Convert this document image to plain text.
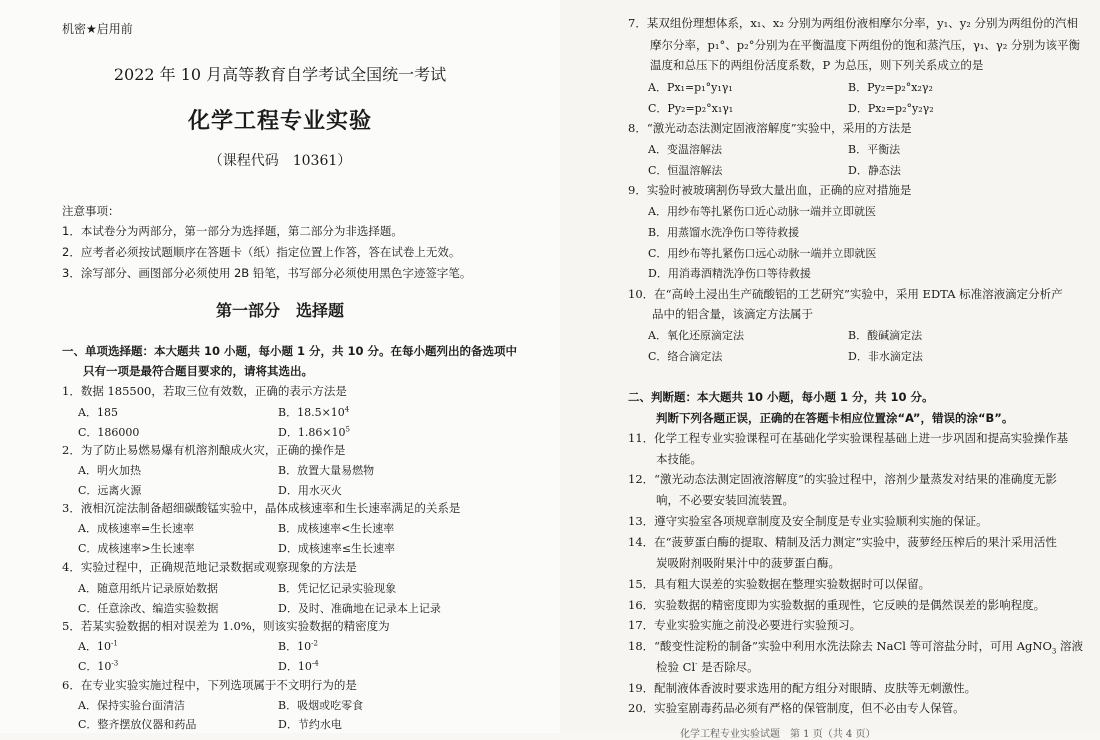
机密★启用前
2022 年 10 月高等教育自学考试全国统一考试
化学工程专业实验
（课程代码　10361）
注意事项：
1．本试卷分为两部分，第一部分为选择题，第二部分为非选择题。
2．应考者必须按试题顺序在答题卡（纸）指定位置上作答，答在试卷上无效。
3．涂写部分、画图部分必须使用 2B 铅笔，书写部分必须使用黑色字迹签字笔。
第一部分　选择题
一、单项选择题：本大题共 10 小题，每小题 1 分，共 10 分。在每小题列出的备选项中
只有一项是最符合题目要求的，请将其选出。
1．数据 185500，若取三位有效数，正确的表示方法是
A．185	B．$18.5\times 10^4$
C．186000	D．$1.86\times 10^5$
2．为了防止易燃易爆有机溶剂酿成火灾，正确的操作是
A．明火加热	B．放置大量易燃物
C．远离火源	D．用水灭火
3．液相沉淀法制备超细碳酸锰实验中，晶体成核速率和生长速率满足的关系是
A．成核速率=生长速率	B．成核速率<生长速率
C．成核速率>生长速率	D．成核速率≤生长速率
4．实验过程中，正确规范地记录数据或观察现象的方法是
A．随意用纸片记录原始数据	B．凭记忆记录实验现象
C．任意涂改、编造实验数据	D．及时、准确地在记录本上记录
5．若某实验数据的相对误差为 1.0%，则该实验数据的精密度为
A．$10^{-1}$	B．$10^{-2}$
C．$10^{-3}$	D．$10^{-4}$
6．在专业实验实施过程中，下列选项属于不文明行为的是
A．保持实验台面清洁	B．吸烟或吃零食
C．整齐摆放仪器和药品	D．节约水电
7．某双组份理想体系，x₁、x₂ 分别为两组份液相摩尔分率，y₁、y₂ 分别为两组份的汽相
摩尔分率，p₁°、p₂°分别为在平衡温度下两组份的饱和蒸汽压，γ₁、γ₂ 分别为该平衡
温度和总压下的两组份活度系数，P 为总压，则下列关系成立的是
A．Px₁=p₁°y₁γ₁	B．Py₂=p₂°x₂γ₂
C．Py₂=p₂°x₁γ₁	D．Px₂=p₂°y₂γ₂
8．“激光动态法测定固液溶解度”实验中，采用的方法是
A．变温溶解法	B．平衡法
C．恒温溶解法	D．静态法
9．实验时被玻璃割伤导致大量出血，正确的应对措施是
A．用纱布等扎紧伤口近心动脉一端并立即就医
B．用蒸馏水洗净伤口等待救援
C．用纱布等扎紧伤口远心动脉一端并立即就医
D．用消毒酒精洗净伤口等待救援
10．在“高岭土浸出生产硫酸铝的工艺研究”实验中，采用 EDTA 标准溶液滴定分析产
品中的铝含量，该滴定方法属于
A．氧化还原滴定法	B．酸碱滴定法
C．络合滴定法	D．非水滴定法
二、判断题：本大题共 10 小题，每小题 1 分，共 10 分。
判断下列各题正误，正确的在答题卡相应位置涂“A”，错误的涂“B”。
11．化学工程专业实验课程可在基础化学实验课程基础上进一步巩固和提高实验操作基
本技能。
12．“激光动态法测定固液溶解度”的实验过程中，溶剂少量蒸发对结果的准确度无影
响，不必要安装回流装置。
13．遵守实验室各项规章制度及安全制度是专业实验顺利实施的保证。
14．在“菠萝蛋白酶的提取、精制及活力测定”实验中，菠萝经压榨后的果汁采用活性
炭吸附剂吸附果汁中的菠萝蛋白酶。
15．具有粗大误差的实验数据在整理实验数据时可以保留。
16．实验数据的精密度即为实验数据的重现性，它反映的是偶然误差的影响程度。
17．专业实验实施之前没必要进行实验预习。
18．“酸变性淀粉的制备”实验中利用水洗法除去 NaCl 等可溶盐分时，可用 AgNO$_3$ 溶液
检验 Cl- 是否除尽。
19．配制液体香波时要求选用的配方组分对眼睛、皮肤等无刺激性。
20．实验室剧毒药品必须有严格的保管制度，但不必由专人保管。
化学工程专业实验试题　第 1 页（共 4 页）
